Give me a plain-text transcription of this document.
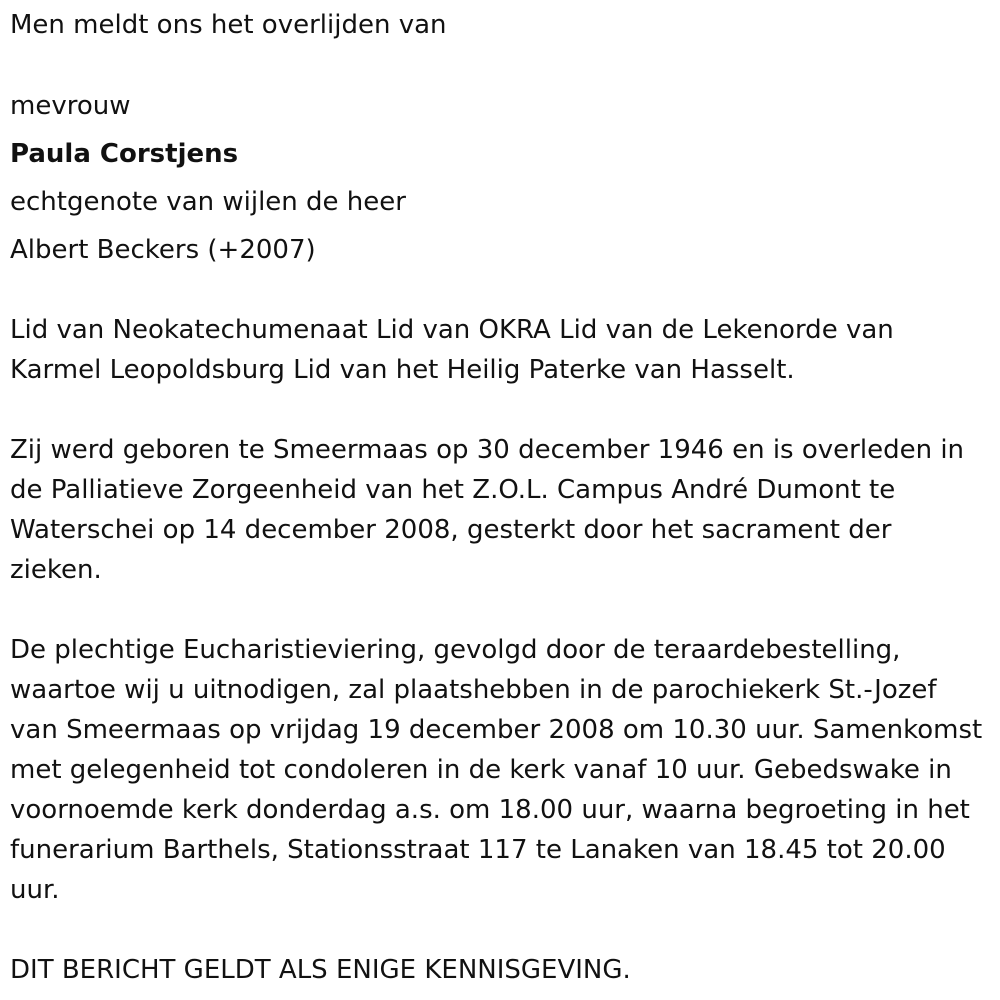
Men meldt ons het overlijden van
mevrouw
Paula Corstjens
echtgenote van wijlen de heer
Albert Beckers (+2007)

Lid van Neokatechumenaat Lid van OKRA Lid van de Lekenorde van Karmel Leopoldsburg Lid van het Heilig Paterke van Hasselt.

Zij werd geboren te Smeermaas op 30 december 1946 en is overleden in de Palliatieve Zorgeenheid van het Z.O.L. Campus André Dumont te Waterschei op 14 december 2008, gesterkt door het sacrament der zieken.

De plechtige Eucharistieviering, gevolgd door de teraardebestelling, waartoe wij u uitnodigen, zal plaatshebben in de parochiekerk St.-Jozef van Smeermaas op vrijdag 19 december 2008 om 10.30 uur. Samenkomst met gelegenheid tot condoleren in de kerk vanaf 10 uur. Gebedswake in voornoemde kerk donderdag a.s. om 18.00 uur, waarna begroeting in het funerarium Barthels, Stationsstraat 117 te Lanaken van 18.45 tot 20.00 uur.

DIT BERICHT GELDT ALS ENIGE KENNISGEVING.
